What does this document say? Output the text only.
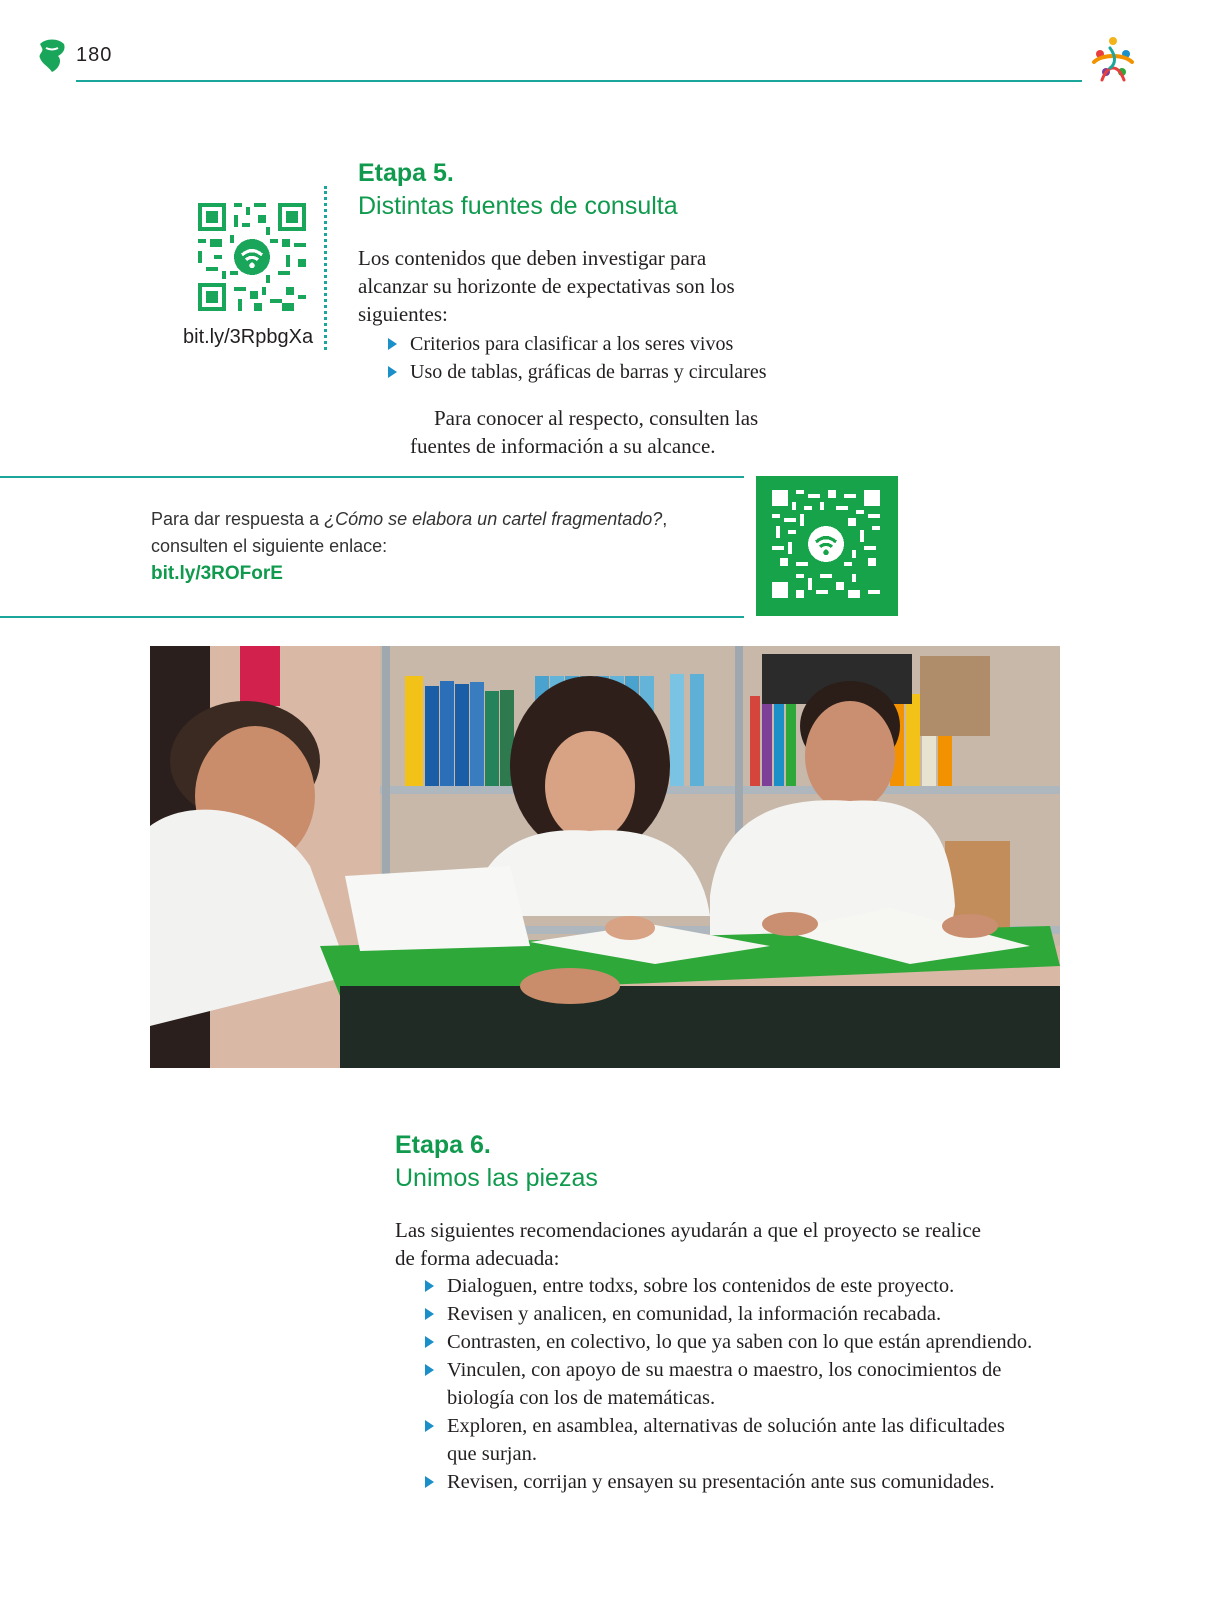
180
bit.ly/3RpbgXa
Etapa 5.
Distintas fuentes de consulta
Los contenidos que deben investigar para
alcanzar su horizonte de expectativas son los
siguientes:
Criterios para clasificar a los seres vivos
Uso de tablas, gráficas de barras y circulares
Para conocer al respecto, consulten las
fuentes de información a su alcance.
Para dar respuesta a ¿Cómo se elabora un cartel fragmentado?,
consulten el siguiente enlace:
bit.ly/3ROForE
Etapa 6.
Unimos las piezas
Las siguientes recomendaciones ayudarán a que el proyecto se realice
de forma adecuada:
Dialoguen, entre todxs, sobre los contenidos de este proyecto.
Revisen y analicen, en comunidad, la información recabada.
Contrasten, en colectivo, lo que ya saben con lo que están aprendiendo.
Vinculen, con apoyo de su maestra o maestro, los conocimientos de
biología con los de matemáticas.
Exploren, en asamblea, alternativas de solución ante las dificultades
que surjan.
Revisen, corrijan y ensayen su presentación ante sus comunidades.
